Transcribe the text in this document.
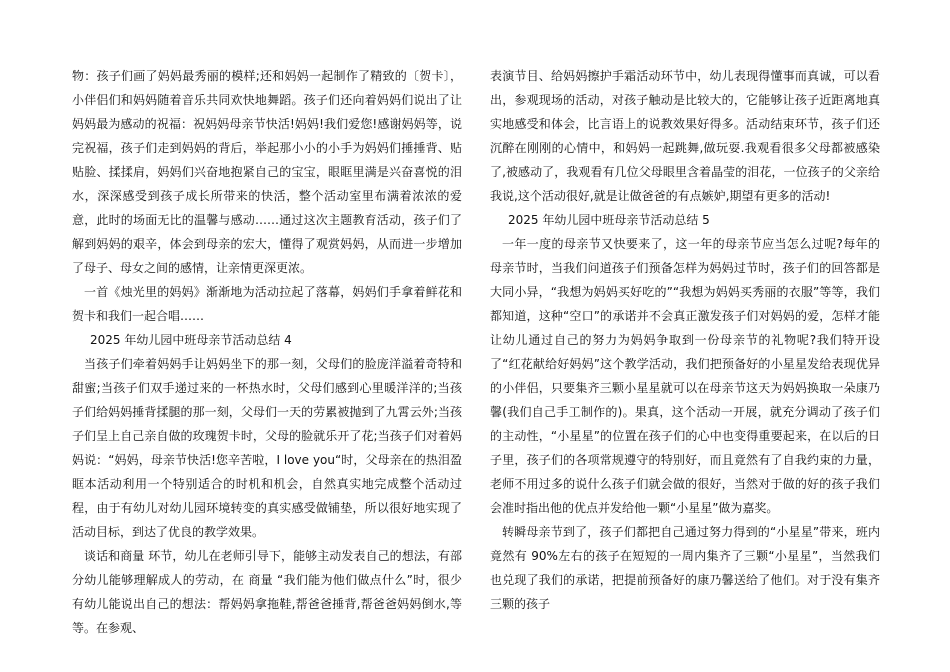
物：孩子们画了妈妈最秀丽的模样;还和妈妈一起制作了精致的〔贺卡〕，小伴侣们和妈妈随着音乐共同欢快地舞蹈。孩子们还向着妈妈们说出了让妈妈最为感动的祝福：祝妈妈母亲节快活!妈妈!我们爱您!感谢妈妈等，说完祝福，孩子们走到妈妈的背后，举起那小小的小手为妈妈们捶捶背、贴贴脸、揉揉肩，妈妈们兴奋地抱紧自己的宝宝，眼眶里满是兴奋喜悦的泪水，深深感受到孩子成长所带来的快活，整个活动室里布满着浓浓的爱意，此时的场面无比的温馨与感动……通过这次主题教育活动，孩子们了解到妈妈的艰辛，体会到母亲的宏大，懂得了观赏妈妈，从而进一步增加了母子、母女之间的感情，让亲情更深更浓。

一首《烛光里的妈妈》渐渐地为活动拉起了落幕，妈妈们手拿着鲜花和贺卡和我们一起合唱……

2025 年幼儿园中班母亲节活动总结 4

当孩子们牵着妈妈手让妈妈坐下的那一刻，父母们的脸庞洋溢着奇特和甜蜜;当孩子们双手递过来的一杯热水时，父母们感到心里暖洋洋的;当孩子们给妈妈捶背揉腿的那一刻，父母们一天的劳累被抛到了九霄云外;当孩子们呈上自己亲自做的玫瑰贺卡时，父母的脸就乐开了花;当孩子们对着妈妈说：“妈妈，母亲节快活!您辛苦啦，I love you“时，父母亲在的热泪盈眶本活动利用一个特别适合的时机和机会，自然真实地完成整个活动过程，由于有幼儿对幼儿园环境转变的真实感受做铺垫，所以很好地实现了活动目标，到达了优良的教学效果。

谈话和商量 环节，幼儿在老师引导下，能够主动发表自己的想法，有部分幼儿能够理解成人的劳动，在 商量 “我们能为他们做点什么”时，很少有幼儿能说出自己的想法：帮妈妈拿拖鞋,帮爸爸捶背,帮爸爸妈妈倒水,等等。在参观、

表演节目、给妈妈擦护手霜活动环节中，幼儿表现得懂事而真诚，可以看出，参观现场的活动，对孩子触动是比较大的，它能够让孩子近距离地真实地感受和体会，比言语上的说教效果好得多。活动结束环节，孩子们还沉醉在刚刚的心情中，和妈妈一起跳舞,做玩耍.我观看很多父母都被感染了,被感动了，我观看有几位父母眼里含着晶莹的泪花，一位孩子的父亲给我说,这个活动很好,就是让做爸爸的有点嫉妒,期望有更多的活动!

2025 年幼儿园中班母亲节活动总结 5

一年一度的母亲节又快要来了，这一年的母亲节应当怎么过呢?每年的母亲节时，当我们问道孩子们预备怎样为妈妈过节时，孩子们的回答都是大同小异，“我想为妈妈买好吃的”“我想为妈妈买秀丽的衣服”等等，我们都知道，这种“空口”的承诺并不会真正激发孩子们对妈妈的爱，怎样才能让幼儿通过自己的努力为妈妈争取到一份母亲节的礼物呢?我们特开设了“红花献给好妈妈”这个教学活动，我们把预备好的小星星发给表现优异的小伴侣，只要集齐三颗小星星就可以在母亲节这天为妈妈换取一朵康乃馨(我们自己手工制作的)。果真，这个活动一开展，就充分调动了孩子们的主动性，“小星星”的位置在孩子们的心中也变得重要起来，在以后的日子里，孩子们的各项常规遵守的特别好，而且竟然有了自我约束的力量，老师不用过多的说什么孩子们就会做的很好，当然对于做的好的孩子我们会准时指出他的优点并发给他一颗“小星星”做为嘉奖。

转瞬母亲节到了，孩子们都把自己通过努力得到的“小星星”带来，班内竟然有 90%左右的孩子在短短的一周内集齐了三颗“小星星”，当然我们也兑现了我们的承诺，把提前预备好的康乃馨送给了他们。对于没有集齐三颗的孩子
